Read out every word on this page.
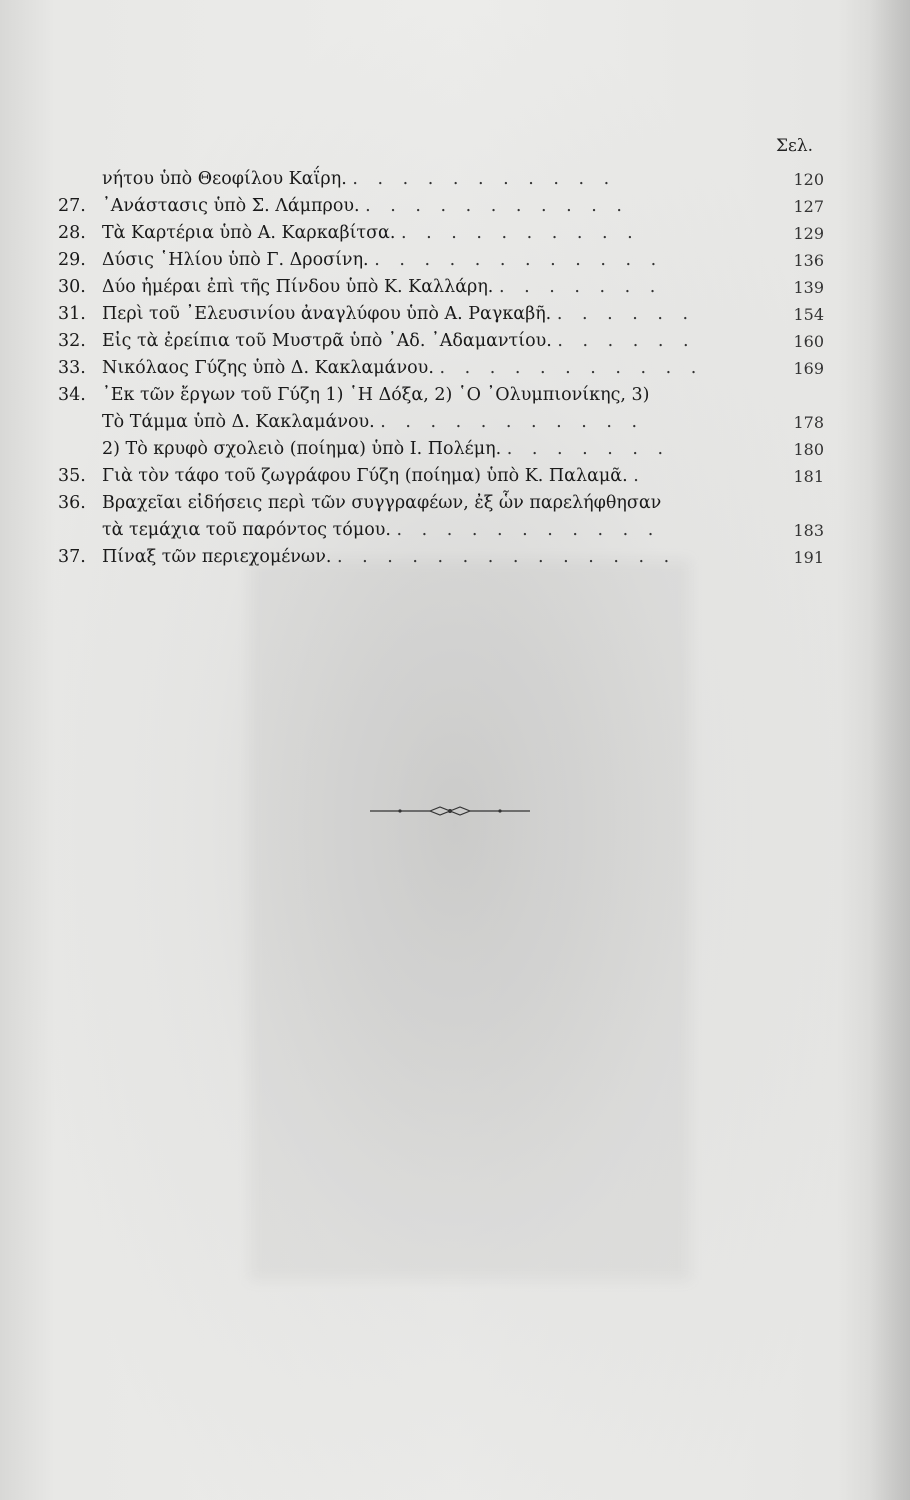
Σελ.
νήτου ὑπὸ Θεοφίλου Καΐρη. . . . . . . . . . . .	120
27. ᾿Ανάστασις ὑπὸ Σ. Λάμπρου. . . . . . . . . . . .	127
28. Τὰ Καρτέρια ὑπὸ Α. Καρκαβίτσα. . . . . . . . . . .	129
29. Δύσις ῾Ηλίου ὑπὸ Γ. Δροσίνη. . . . . . . . . . . . .	136
30. Δύο ἡμέραι ἐπὶ τῆς Πίνδου ὑπὸ Κ. Καλλάρη. . . . . . . .	139
31. Περὶ τοῦ ᾿Ελευσινίου ἀναγλύφου ὑπὸ Α. Ραγκαβῆ. . . . . . .	154
32. Εἰς τὰ ἐρείπια τοῦ Μυστρᾶ ὑπὸ ᾿Αδ. ᾿Αδαμαντίου. . . . . . .	160
33. Νικόλαος Γύζης ὑπὸ Δ. Κακλαμάνου. . . . . . . . . . . .	169
34. ᾿Εκ τῶν ἔργων τοῦ Γύζη 1) ῾Η Δόξα, 2) ῾Ο ᾿Ολυμπιονίκης, 3)
Τὸ Τάμμα ὑπὸ Δ. Κακλαμάνου. . . . . . . . . . . .	178
2) Τὸ κρυφὸ σχολειὸ (ποίημα) ὑπὸ Ι. Πολέμη. . . . . . . .	180
35. Γιὰ τὸν τάφο τοῦ ζωγράφου Γύζη (ποίημα) ὑπὸ Κ. Παλαμᾶ. .	181
36. Βραχεῖαι εἰδήσεις περὶ τῶν συγγραφέων, ἐξ ὧν παρελήφθησαν
τὰ τεμάχια τοῦ παρόντος τόμου. . . . . . . . . . . .	183
37. Πίναξ τῶν περιεχομένων. . . . . . . . . . . . . . .	191
